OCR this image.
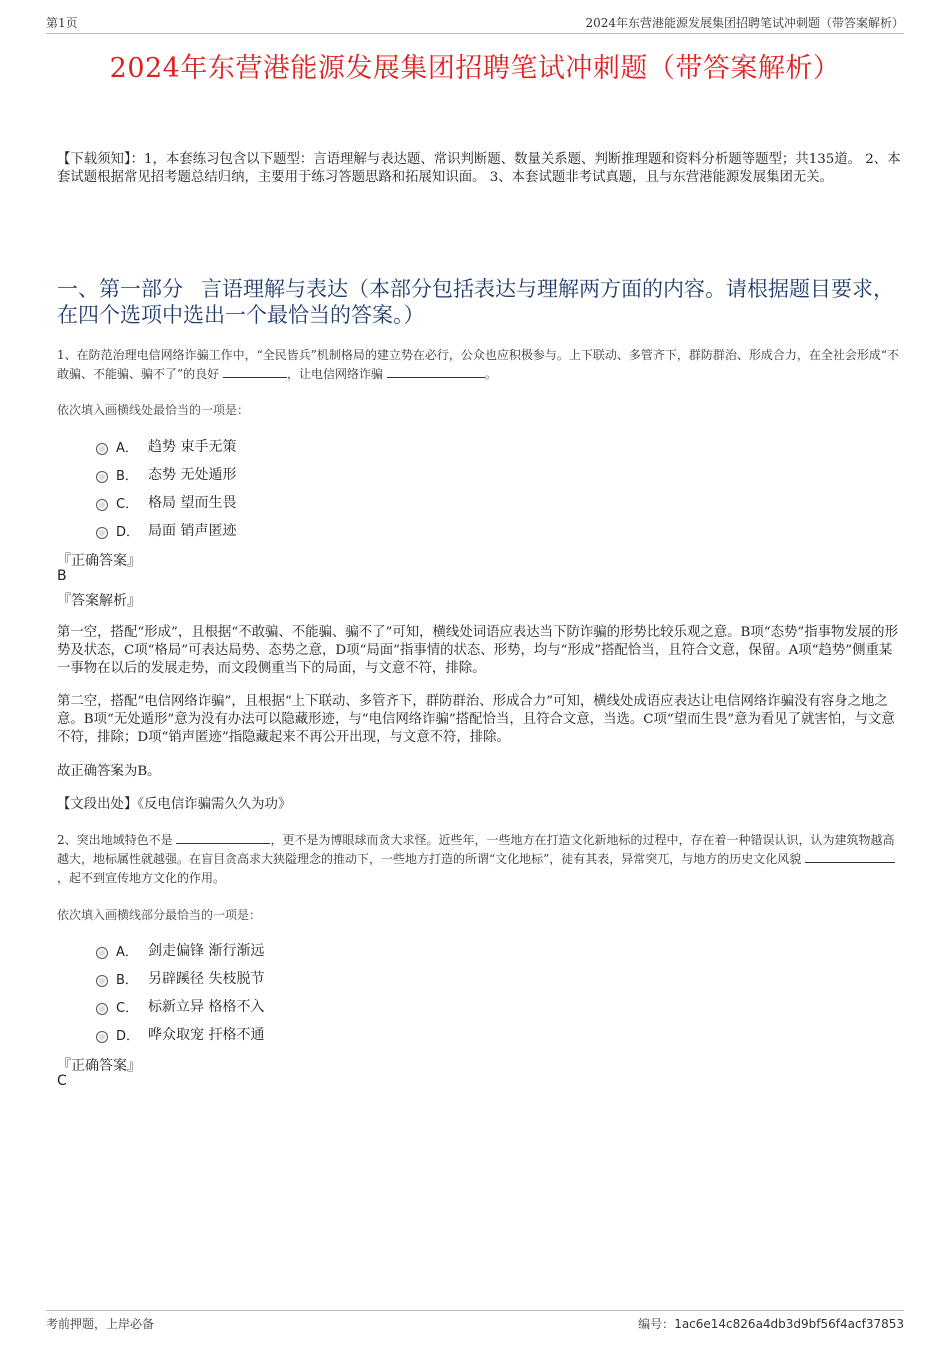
第1页	2024年东营港能源发展集团招聘笔试冲刺题（带答案解析）
2024年东营港能源发展集团招聘笔试冲刺题（带答案解析）
【下载须知】：1，本套练习包含以下题型：言语理解与表达题、常识判断题、数量关系题、判断推理题和资料分析题等题型；共135道。 2、本套试题根据常见招考题总结归纳，主要用于练习答题思路和拓展知识面。 3、本套试题非考试真题，且与东营港能源发展集团无关。
一、第一部分 言语理解与表达（本部分包括表达与理解两方面的内容。请根据题目要求，在四个选项中选出一个最恰当的答案。）
1、在防范治理电信网络诈骗工作中，“全民皆兵”机制格局的建立势在必行，公众也应积极参与。上下联动、多管齐下，群防群治、形成合力，在全社会形成“不敢骗、不能骗、骗不了”的良好	，让电信网络诈骗	。
依次填入画横线处最恰当的一项是：
A． 趋势 束手无策
B． 态势 无处遁形
C． 格局 望而生畏
D． 局面 销声匿迹
『正确答案』
B
『答案解析』
第一空，搭配“形成”，且根据“不敢骗、不能骗、骗不了”可知，横线处词语应表达当下防诈骗的形势比较乐观之意。B项“态势”指事物发展的形势及状态，C项“格局”可表达局势、态势之意，D项“局面”指事情的状态、形势，均与“形成”搭配恰当，且符合文意，保留。A项“趋势”侧重某一事物在以后的发展走势，而文段侧重当下的局面，与文意不符，排除。
第二空，搭配“电信网络诈骗”，且根据“上下联动、多管齐下，群防群治、形成合力”可知，横线处成语应表达让电信网络诈骗没有容身之地之意。B项“无处遁形”意为没有办法可以隐藏形迹，与“电信网络诈骗”搭配恰当，且符合文意，当选。C项“望而生畏”意为看见了就害怕，与文意不符，排除；D项“销声匿迹”指隐藏起来不再公开出现，与文意不符，排除。
故正确答案为B。
【文段出处】《反电信诈骗需久久为功》
2、突出地域特色不是	，更不是为博眼球而贪大求怪。近些年，一些地方在打造文化新地标的过程中，存在着一种错误认识，认为建筑物越高越大，地标属性就越强。在盲目贪高求大狭隘理念的推动下，一些地方打造的所谓“文化地标”，徒有其表，异常突兀，与地方的历史文化风貌 ，起不到宣传地方文化的作用。
依次填入画横线部分最恰当的一项是：
A． 剑走偏锋 渐行渐远
B． 另辟蹊径 失枝脱节
C． 标新立异 格格不入
D． 哗众取宠 扞格不通
『正确答案』
C
考前押题，上岸必备	编号：1ac6e14c826a4db3d9bf56f4acf37853
